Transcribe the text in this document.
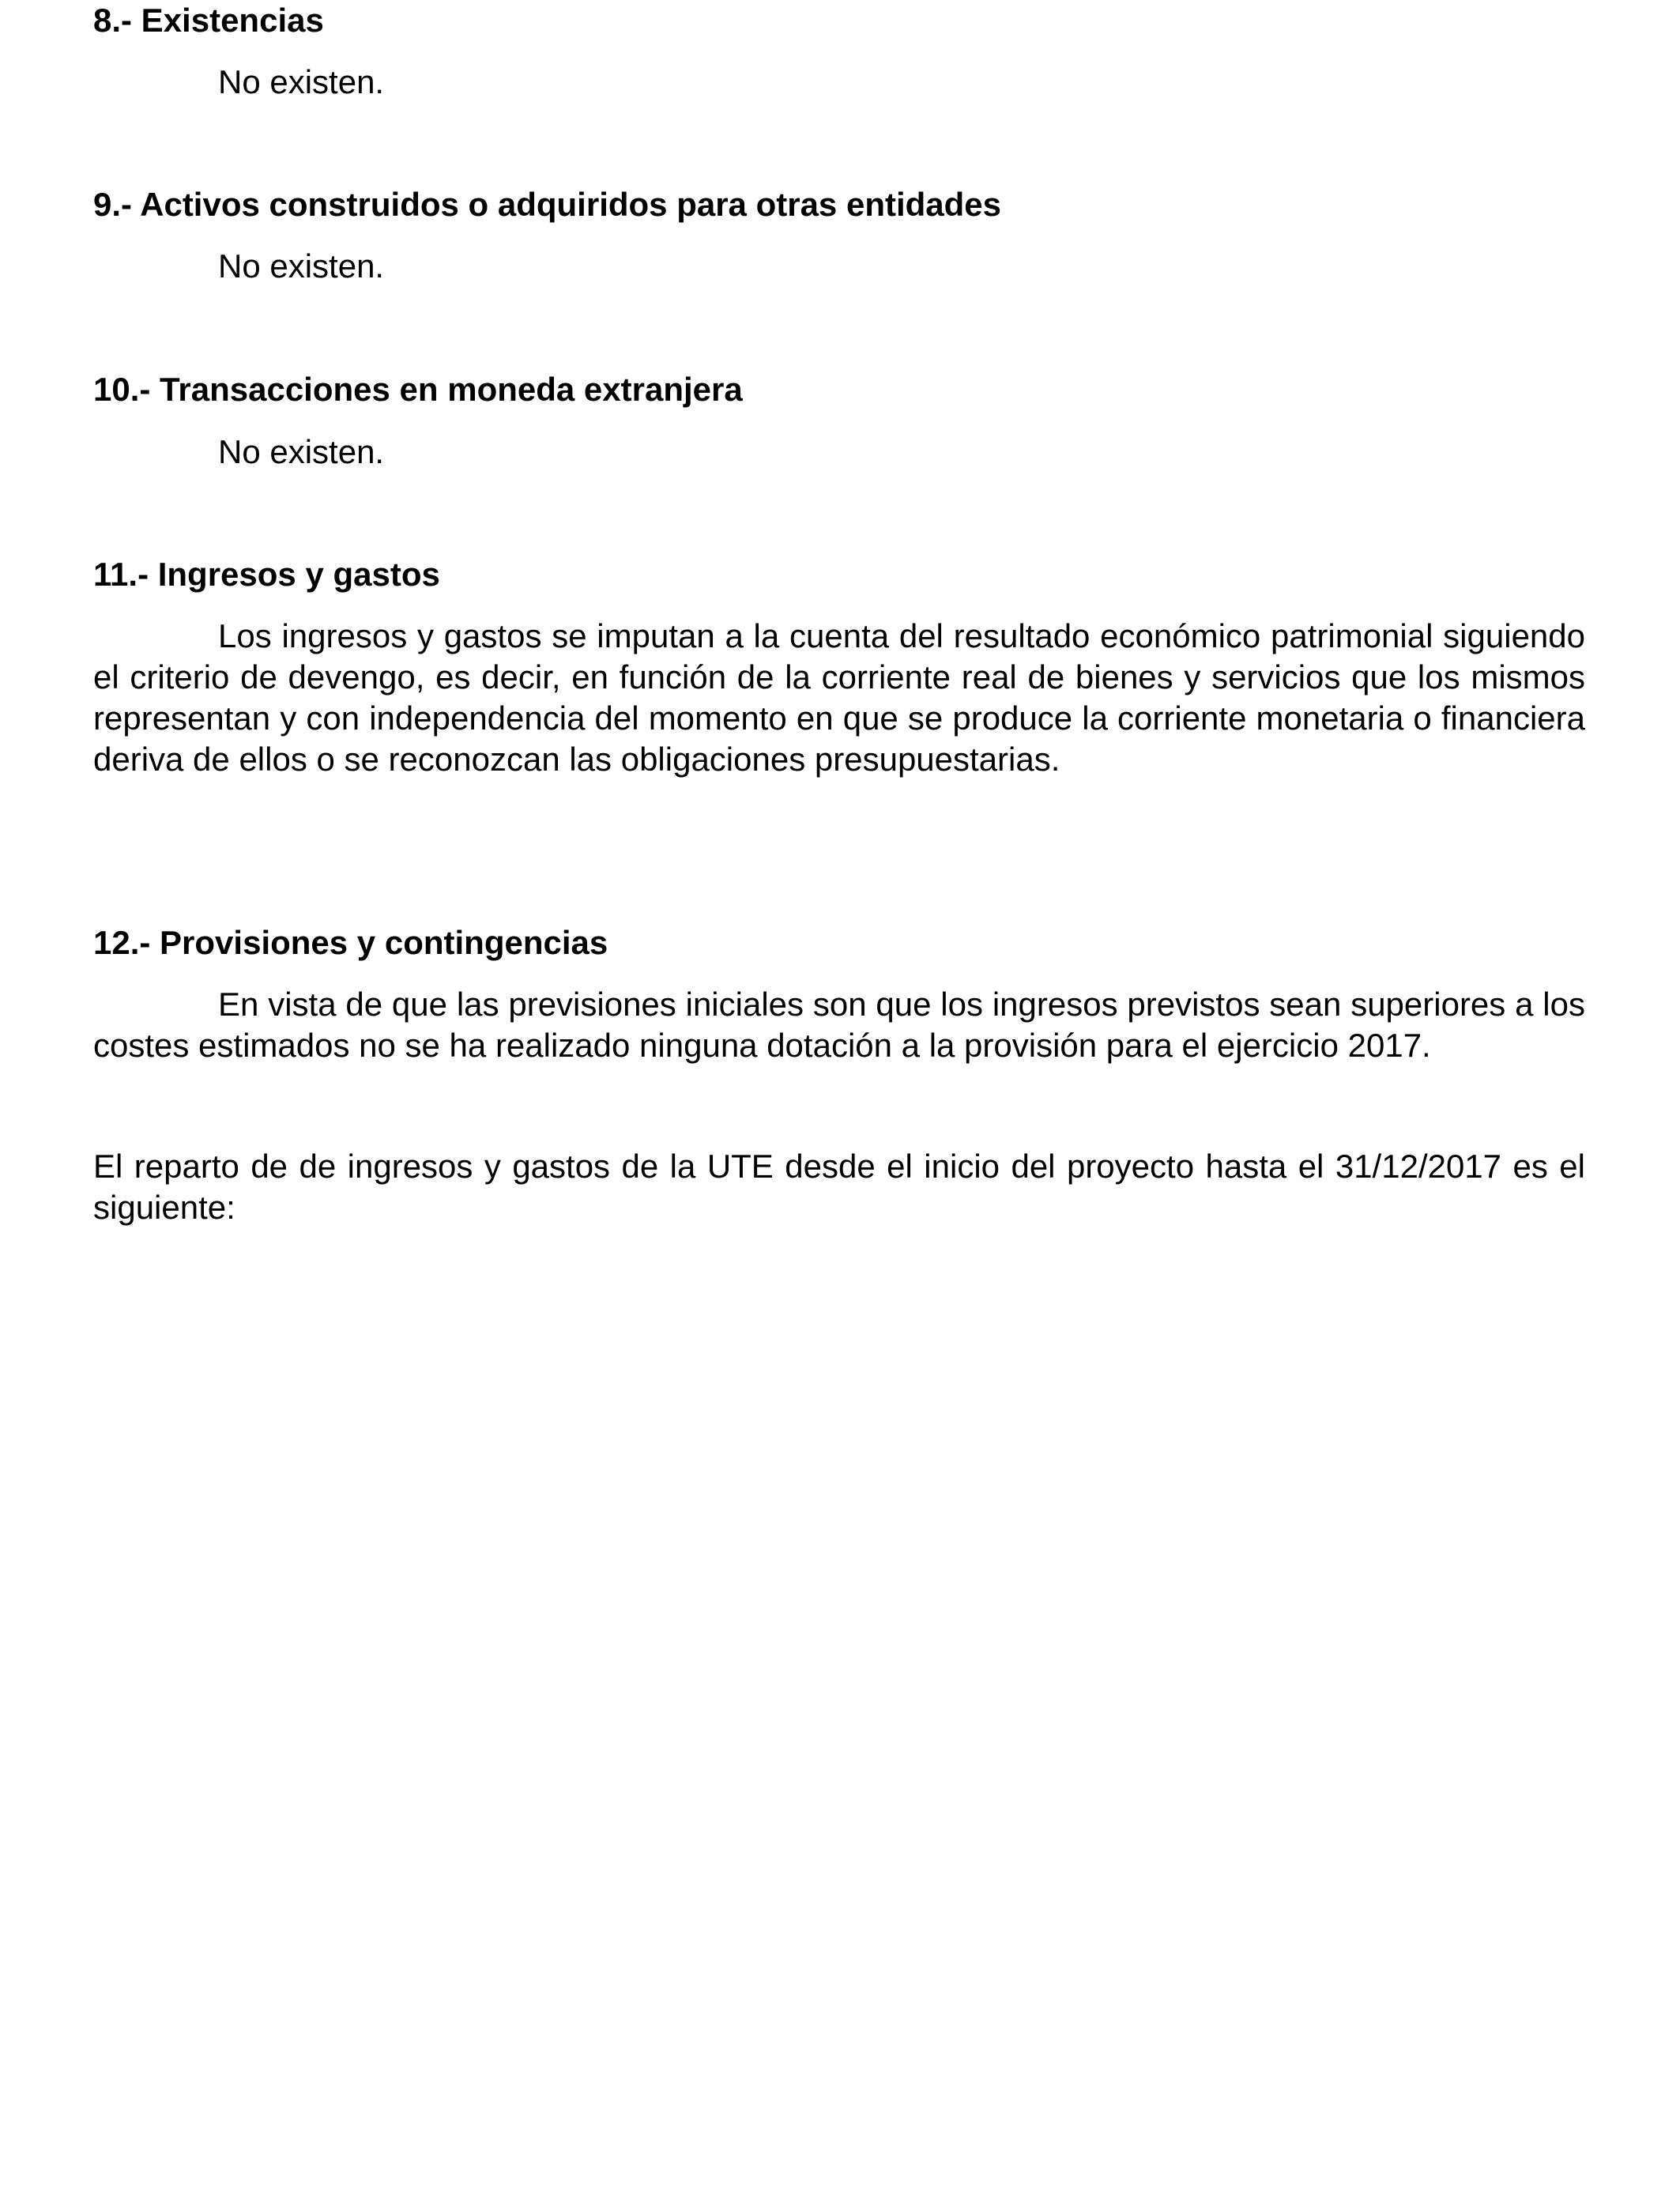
8.- Existencias

No existen.

9.- Activos construidos o adquiridos para otras entidades

No existen.

10.- Transacciones en moneda extranjera

No existen.

11.- Ingresos y gastos

Los ingresos y gastos se imputan a la cuenta del resultado económico patrimonial siguiendo el criterio de devengo, es decir, en función de la corriente real de bienes y servicios que los mismos representan y con independencia del momento en que se produce la corriente monetaria o financiera deriva de ellos o se reconozcan las obligaciones presupuestarias.

12.- Provisiones y contingencias

En vista de que las previsiones iniciales son que los ingresos previstos sean superiores a los costes estimados no se ha realizado ninguna dotación a la provisión para el ejercicio 2017.

El reparto de de ingresos y gastos de la UTE desde el inicio del proyecto hasta el 31/12/2017 es el siguiente:
